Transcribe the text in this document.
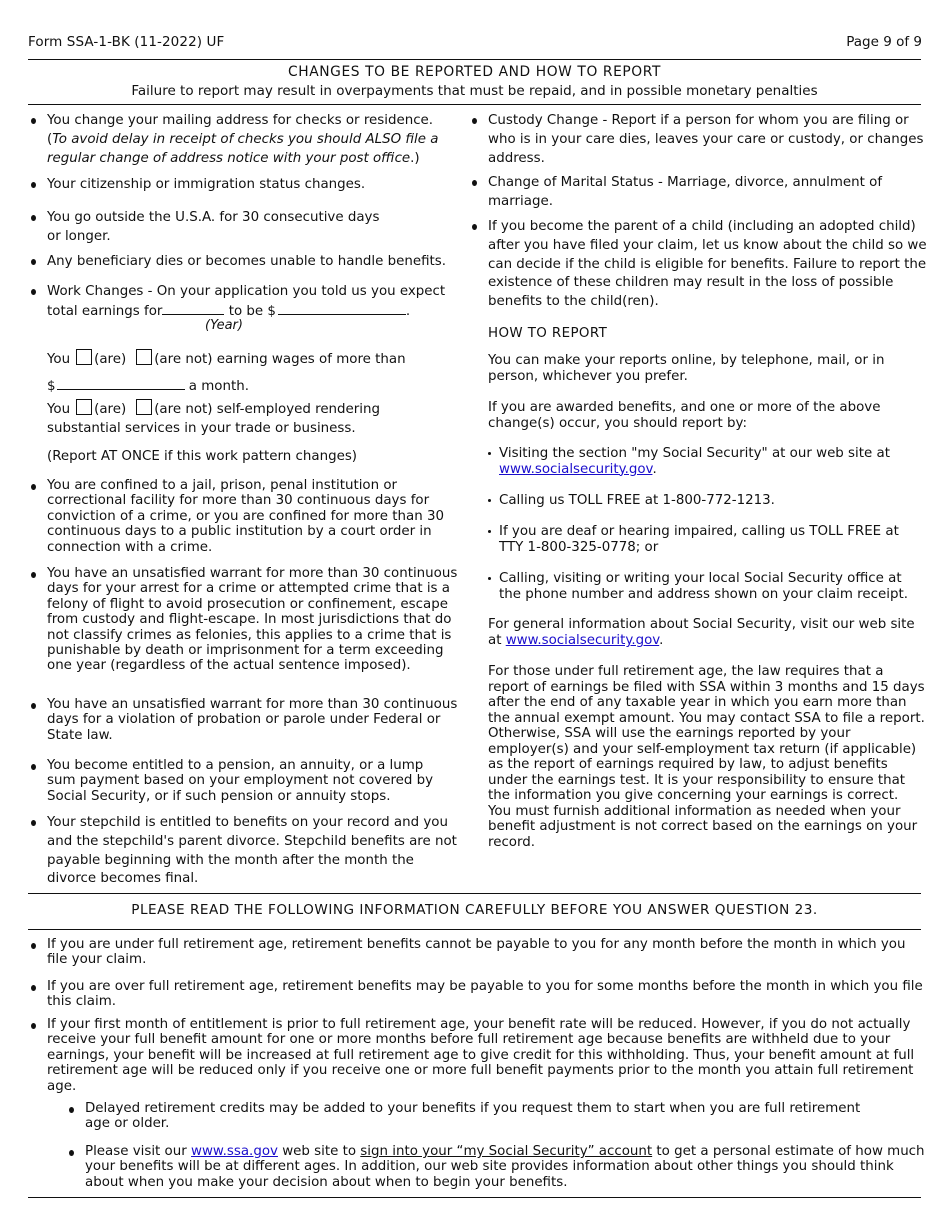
Form SSA-1-BK (11-2022) UF	Page 9 of 9
CHANGES TO BE REPORTED AND HOW TO REPORT
Failure to report may result in overpayments that must be repaid, and in possible monetary penalties
You change your mailing address for checks or residence.
(To avoid delay in receipt of checks you should ALSO file a regular change of address notice with your post office.)
Your citizenship or immigration status changes.
You go outside the U.S.A. for 30 consecutive days
or longer.
Any beneficiary dies or becomes unable to handle benefits.
Work Changes - On your application you told us you expect
total earnings for	to be $	.
(Year)
You (are) (are not) earning wages of more than
$	a month.
You (are) (are not) self-employed rendering
substantial services in your trade or business.
(Report AT ONCE if this work pattern changes)
You are confined to a jail, prison, penal institution or correctional facility for more than 30 continuous days for conviction of a crime, or you are confined for more than 30 continuous days to a public institution by a court order in connection with a crime.
You have an unsatisfied warrant for more than 30 continuous days for your arrest for a crime or attempted crime that is a felony of flight to avoid prosecution or confinement, escape from custody and flight-escape. In most jurisdictions that do not classify crimes as felonies, this applies to a crime that is punishable by death or imprisonment for a term exceeding one year (regardless of the actual sentence imposed).
You have an unsatisfied warrant for more than 30 continuous days for a violation of probation or parole under Federal or State law.
You become entitled to a pension, an annuity, or a lump sum payment based on your employment not covered by Social Security, or if such pension or annuity stops.
Your stepchild is entitled to benefits on your record and you and the stepchild's parent divorce. Stepchild benefits are not payable beginning with the month after the month the divorce becomes final.
Custody Change - Report if a person for whom you are filing or who is in your care dies, leaves your care or custody, or changes address.
Change of Marital Status - Marriage, divorce, annulment of marriage.
If you become the parent of a child (including an adopted child) after you have filed your claim, let us know about the child so we can decide if the child is eligible for benefits. Failure to report the existence of these children may result in the loss of possible benefits to the child(ren).
HOW TO REPORT
You can make your reports online, by telephone, mail, or in person, whichever you prefer.
If you are awarded benefits, and one or more of the above change(s) occur, you should report by:
Visiting the section "my Social Security" at our web site at
www.socialsecurity.gov.
Calling us TOLL FREE at 1-800-772-1213.
If you are deaf or hearing impaired, calling us TOLL FREE at
TTY 1-800-325-0778; or
Calling, visiting or writing your local Social Security office at
the phone number and address shown on your claim receipt.
For general information about Social Security, visit our web site
at www.socialsecurity.gov.
For those under full retirement age, the law requires that a report of earnings be filed with SSA within 3 months and 15 days after the end of any taxable year in which you earn more than the annual exempt amount. You may contact SSA to file a report. Otherwise, SSA will use the earnings reported by your employer(s) and your self-employment tax return (if applicable) as the report of earnings required by law, to adjust benefits under the earnings test. It is your responsibility to ensure that the information you give concerning your earnings is correct. You must furnish additional information as needed when your benefit adjustment is not correct based on the earnings on your record.
PLEASE READ THE FOLLOWING INFORMATION CAREFULLY BEFORE YOU ANSWER QUESTION 23.
If you are under full retirement age, retirement benefits cannot be payable to you for any month before the month in which you file your claim.
If you are over full retirement age, retirement benefits may be payable to you for some months before the month in which you file this claim.
If your first month of entitlement is prior to full retirement age, your benefit rate will be reduced. However, if you do not actually receive your full benefit amount for one or more months before full retirement age because benefits are withheld due to your earnings, your benefit will be increased at full retirement age to give credit for this withholding. Thus, your benefit amount at full retirement age will be reduced only if you receive one or more full benefit payments prior to the month you attain full retirement age.
Delayed retirement credits may be added to your benefits if you request them to start when you are full retirement age or older.
Please visit our www.ssa.gov web site to sign into your “my Social Security” account to get a personal estimate of how much your benefits will be at different ages. In addition, our web site provides information about other things you should think about when you make your decision about when to begin your benefits.
